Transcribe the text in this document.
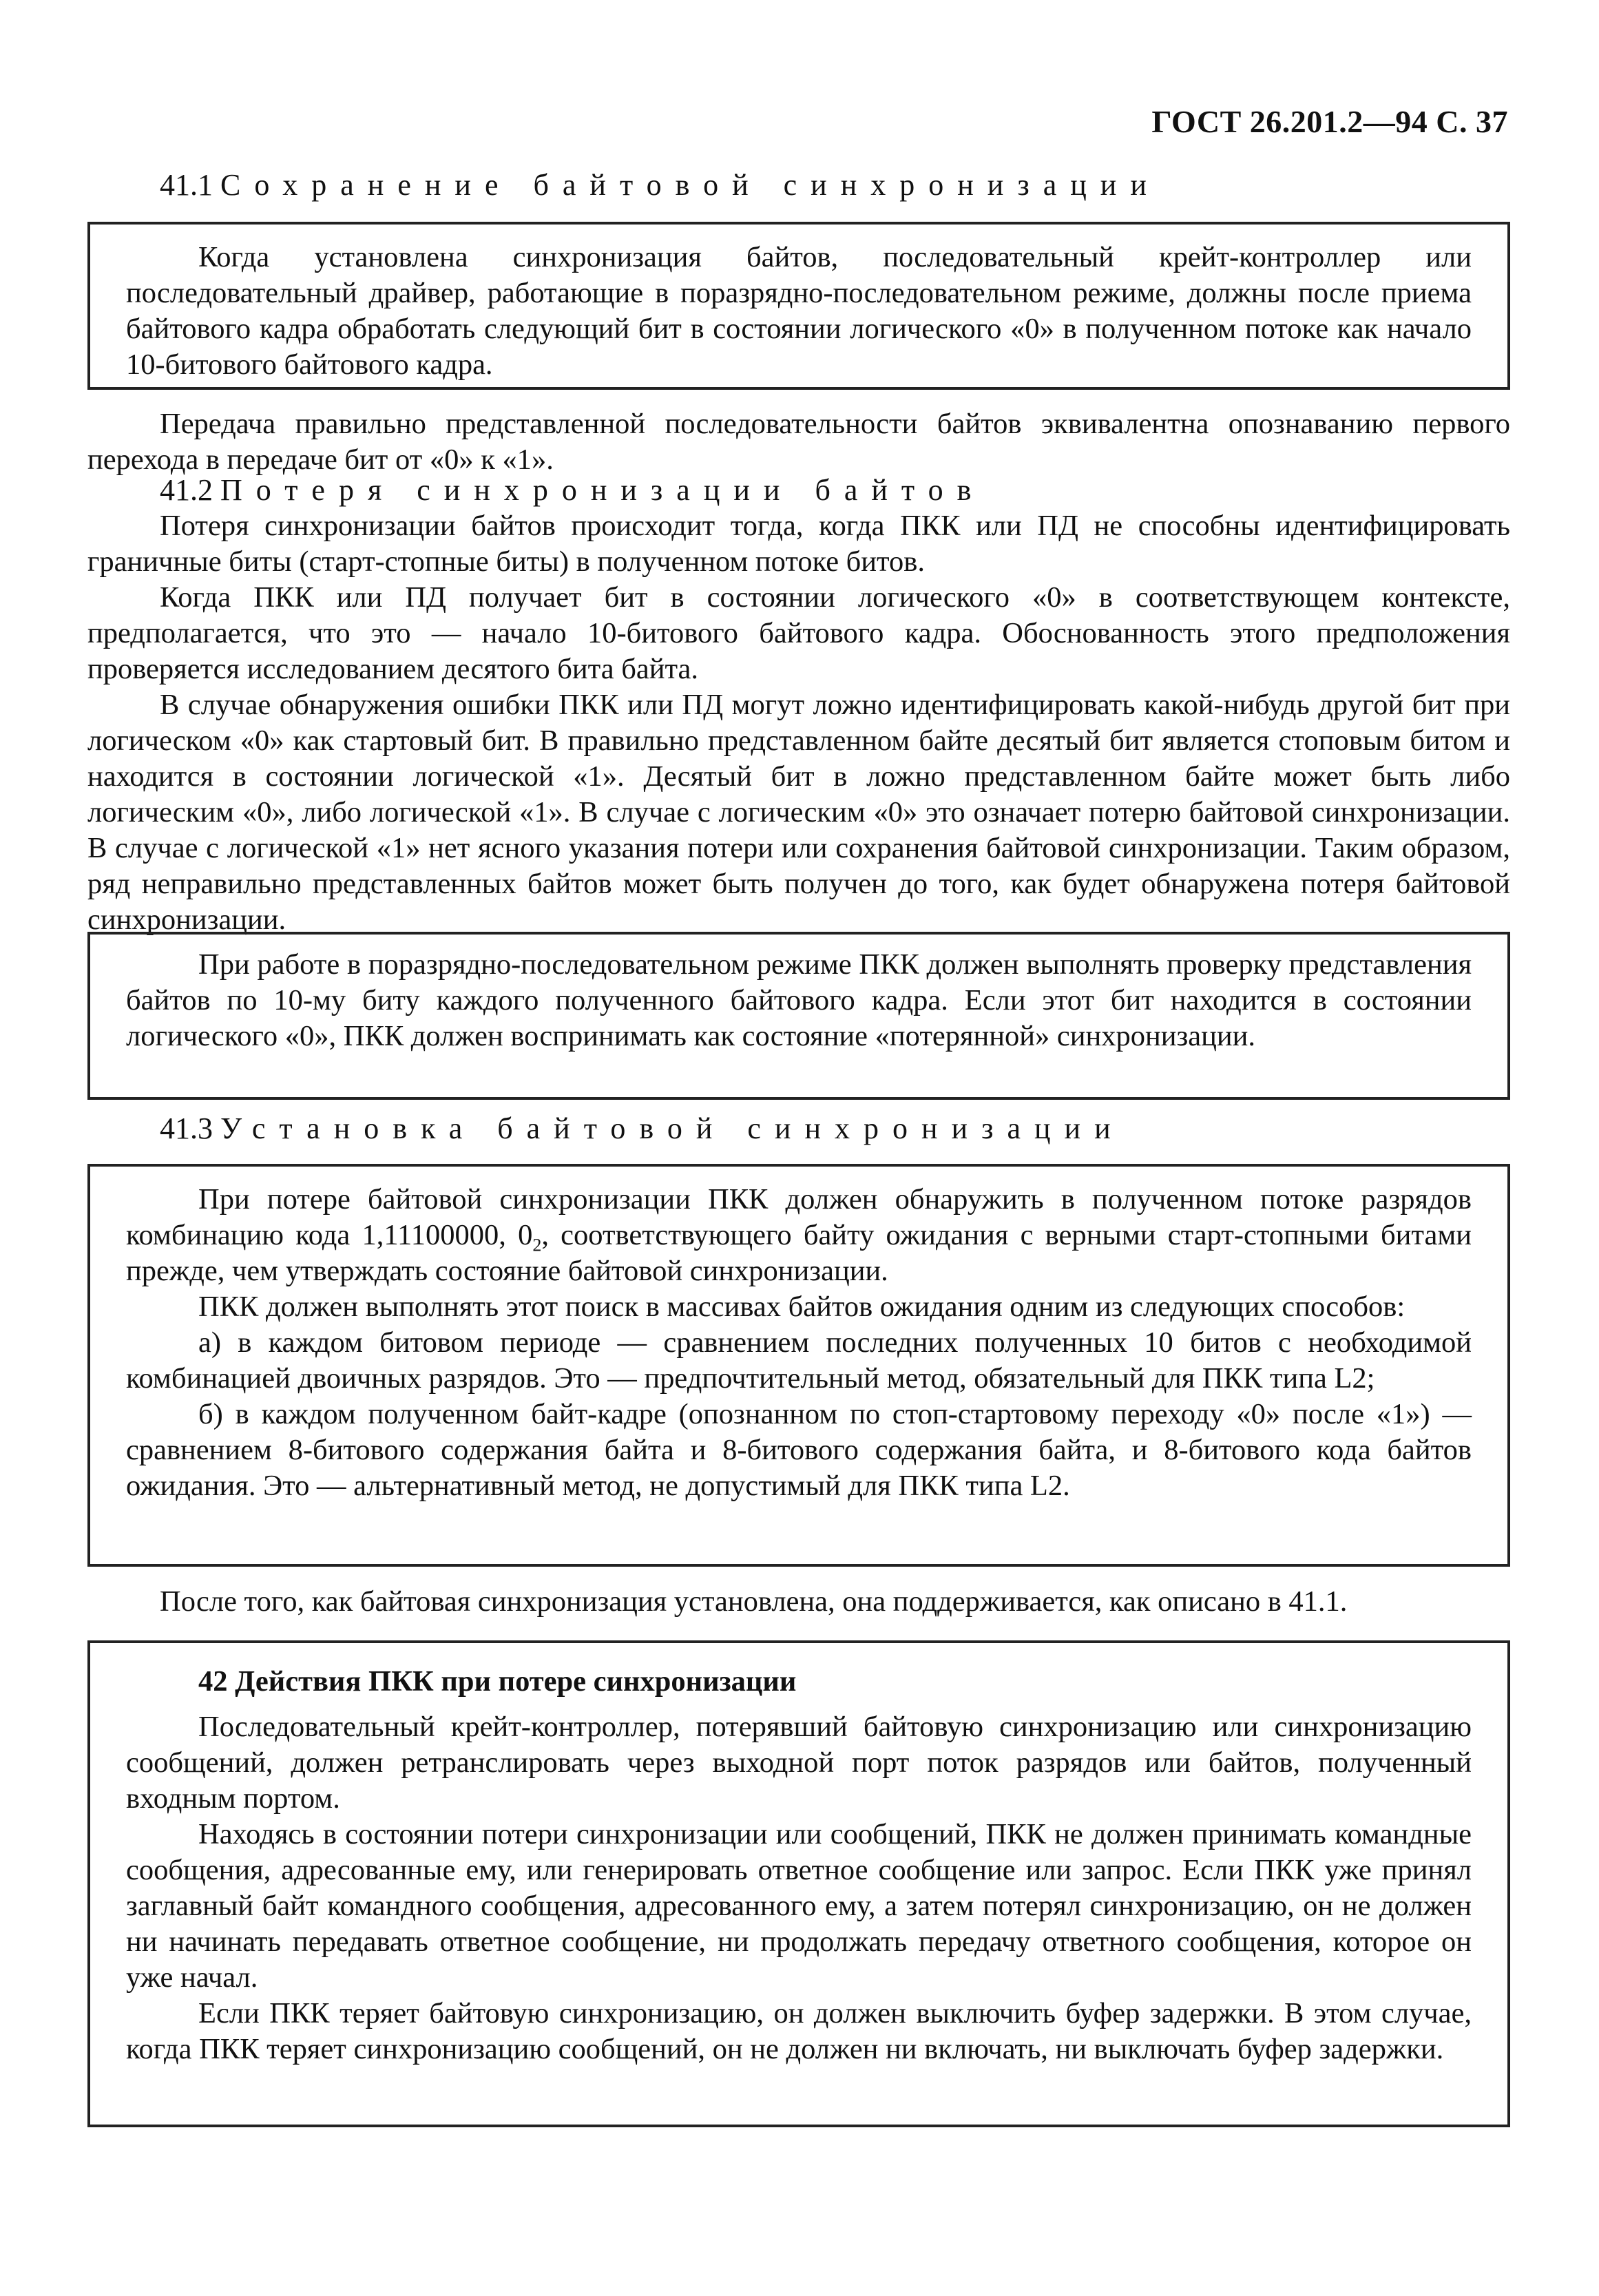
ГОСТ 26.201.2—94 С. 37
41.1 Сохранение байтовой синхронизации

Когда установлена синхронизация байтов, последовательный крейт-контроллер или последовательный драйвер, работающие в поразрядно-последовательном режиме, должны после приема байтового кадра обработать следующий бит в состоянии логического «0» в полученном потоке как начало 10-битового байтового кадра.

Передача правильно представленной последовательности байтов эквивалентна опознаванию первого перехода в передаче бит от «0» к «1».

41.2 Потеря синхронизации байтов

Потеря синхронизации байтов происходит тогда, когда ПКК или ПД не способны идентифицировать граничные биты (старт-стопные биты) в полученном потоке битов.

Когда ПКК или ПД получает бит в состоянии логического «0» в соответствующем контексте, предполагается, что это — начало 10-битового байтового кадра. Обоснованность этого предположения проверяется исследованием десятого бита байта.

В случае обнаружения ошибки ПКК или ПД могут ложно идентифицировать какой-нибудь другой бит при логическом «0» как стартовый бит. В правильно представленном байте десятый бит является стоповым битом и находится в состоянии логической «1». Десятый бит в ложно представленном байте может быть либо логическим «0», либо логической «1». В случае с логическим «0» это означает потерю байтовой синхронизации. В случае с логической «1» нет ясного указания потери или сохранения байтовой синхронизации. Таким образом, ряд неправильно представленных байтов может быть получен до того, как будет обнаружена потеря байтовой синхронизации.

При работе в поразрядно-последовательном режиме ПКК должен выполнять проверку представления байтов по 10-му биту каждого полученного байтового кадра. Если этот бит находится в состоянии логического «0», ПКК должен воспринимать как состояние «потерянной» синхронизации.

41.3 Установка байтовой синхронизации

При потере байтовой синхронизации ПКК должен обнаружить в полученном потоке разрядов комбинацию кода 1,11100000, $0_2$, соответствующего байту ожидания с верными старт-стопными битами прежде, чем утверждать состояние байтовой синхронизации.

ПКК должен выполнять этот поиск в массивах байтов ожидания одним из следующих способов:

а) в каждом битовом периоде — сравнением последних полученных 10 битов с необходимой комбинацией двоичных разрядов. Это — предпочтительный метод, обязательный для ПКК типа L2;

б) в каждом полученном байт-кадре (опознанном по стоп-стартовому переходу «0» после «1») — сравнением 8-битового содержания байта и 8-битового содержания байта, и 8-битового кода байтов ожидания. Это — альтернативный метод, не допустимый для ПКК типа L2.

После того, как байтовая синхронизация установлена, она поддерживается, как описано в 41.1.

42 Действия ПКК при потере синхронизации

Последовательный крейт-контроллер, потерявший байтовую синхронизацию или синхронизацию сообщений, должен ретранслировать через выходной порт поток разрядов или байтов, полученный входным портом.

Находясь в состоянии потери синхронизации или сообщений, ПКК не должен принимать командные сообщения, адресованные ему, или генерировать ответное сообщение или запрос. Если ПКК уже принял заглавный байт командного сообщения, адресованного ему, а затем потерял синхронизацию, он не должен ни начинать передавать ответное сообщение, ни продолжать передачу ответного сообщения, которое он уже начал.

Если ПКК теряет байтовую синхронизацию, он должен выключить буфер задержки. В этом случае, когда ПКК теряет синхронизацию сообщений, он не должен ни включать, ни выключать буфер задержки.
